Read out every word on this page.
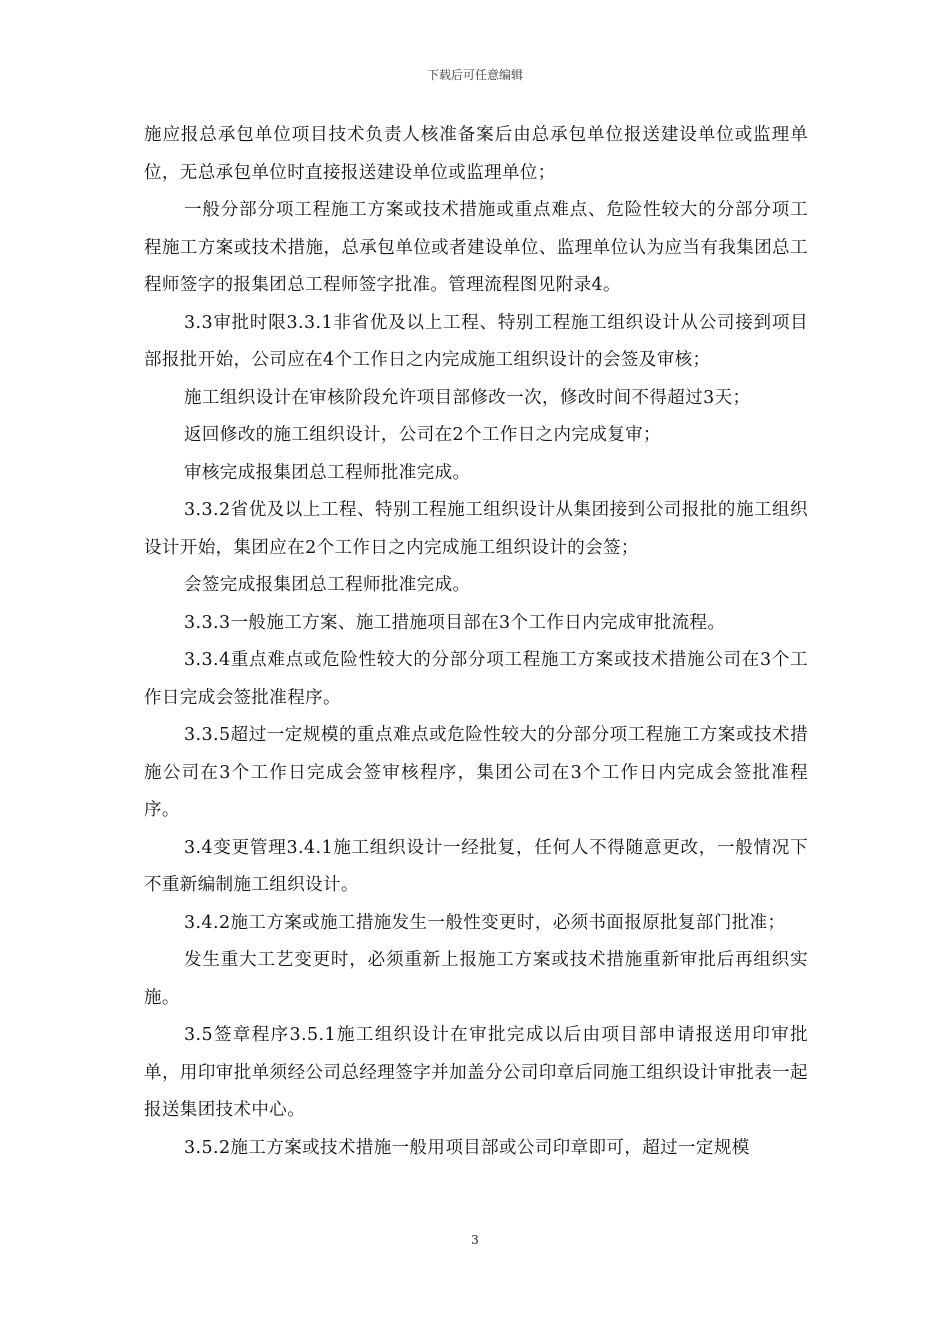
下载后可任意编辑

施应报总承包单位项目技术负责人核准备案后由总承包单位报送建设单位或监理单位，无总承包单位时直接报送建设单位或监理单位；

一般分部分项工程施工方案或技术措施或重点难点、危险性较大的分部分项工程施工方案或技术措施，总承包单位或者建设单位、监理单位认为应当有我集团总工程师签字的报集团总工程师签字批准。管理流程图见附录4。

3.3审批时限3.3.1非省优及以上工程、特别工程施工组织设计从公司接到项目部报批开始，公司应在4个工作日之内完成施工组织设计的会签及审核；

施工组织设计在审核阶段允许项目部修改一次，修改时间不得超过3天；

返回修改的施工组织设计，公司在2个工作日之内完成复审；

审核完成报集团总工程师批准完成。

3.3.2省优及以上工程、特别工程施工组织设计从集团接到公司报批的施工组织设计开始，集团应在2个工作日之内完成施工组织设计的会签；

会签完成报集团总工程师批准完成。

3.3.3一般施工方案、施工措施项目部在3个工作日内完成审批流程。

3.3.4重点难点或危险性较大的分部分项工程施工方案或技术措施公司在3个工作日完成会签批准程序。

3.3.5超过一定规模的重点难点或危险性较大的分部分项工程施工方案或技术措施公司在3个工作日完成会签审核程序，集团公司在3个工作日内完成会签批准程序。

3.4变更管理3.4.1施工组织设计一经批复，任何人不得随意更改，一般情况下不重新编制施工组织设计。

3.4.2施工方案或施工措施发生一般性变更时，必须书面报原批复部门批准；

发生重大工艺变更时，必须重新上报施工方案或技术措施重新审批后再组织实施。

3.5签章程序3.5.1施工组织设计在审批完成以后由项目部申请报送用印审批单，用印审批单须经公司总经理签字并加盖分公司印章后同施工组织设计审批表一起报送集团技术中心。

3.5.2施工方案或技术措施一般用项目部或公司印章即可，超过一定规模

3
